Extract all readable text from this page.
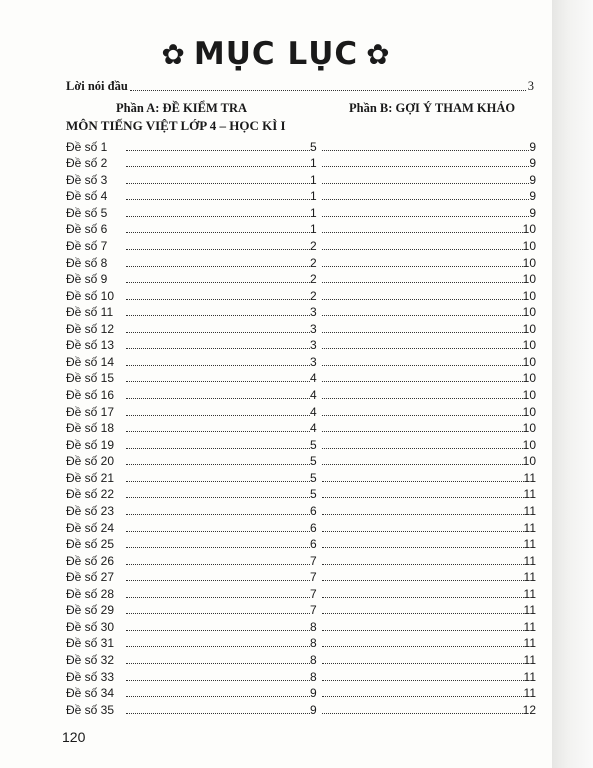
✿ MỤC LỤC ✿
Lời nói đầu	3
Phần A: ĐỀ KIỂM TRA	Phần B: GỢI Ý THAM KHẢO
MÔN TIẾNG VIỆT LỚP 4 – HỌC KÌ I
Đề số 1	5	9
Đề số 2	1	9
Đề số 3	1	9
Đề số 4	1	9
Đề số 5	1	9
Đề số 6	1	10
Đề số 7	2	10
Đề số 8	2	10
Đề số 9	2	10
Đề số 10	2	10
Đề số 11	3	10
Đề số 12	3	10
Đề số 13	3	10
Đề số 14	3	10
Đề số 15	4	10
Đề số 16	4	10
Đề số 17	4	10
Đề số 18	4	10
Đề số 19	5	10
Đề số 20	5	10
Đề số 21	5	11
Đề số 22	5	11
Đề số 23	6	11
Đề số 24	6	11
Đề số 25	6	11
Đề số 26	7	11
Đề số 27	7	11
Đề số 28	7	11
Đề số 29	7	11
Đề số 30	8	11
Đề số 31	8	11
Đề số 32	8	11
Đề số 33	8	11
Đề số 34	9	11
Đề số 35	9	12
120
